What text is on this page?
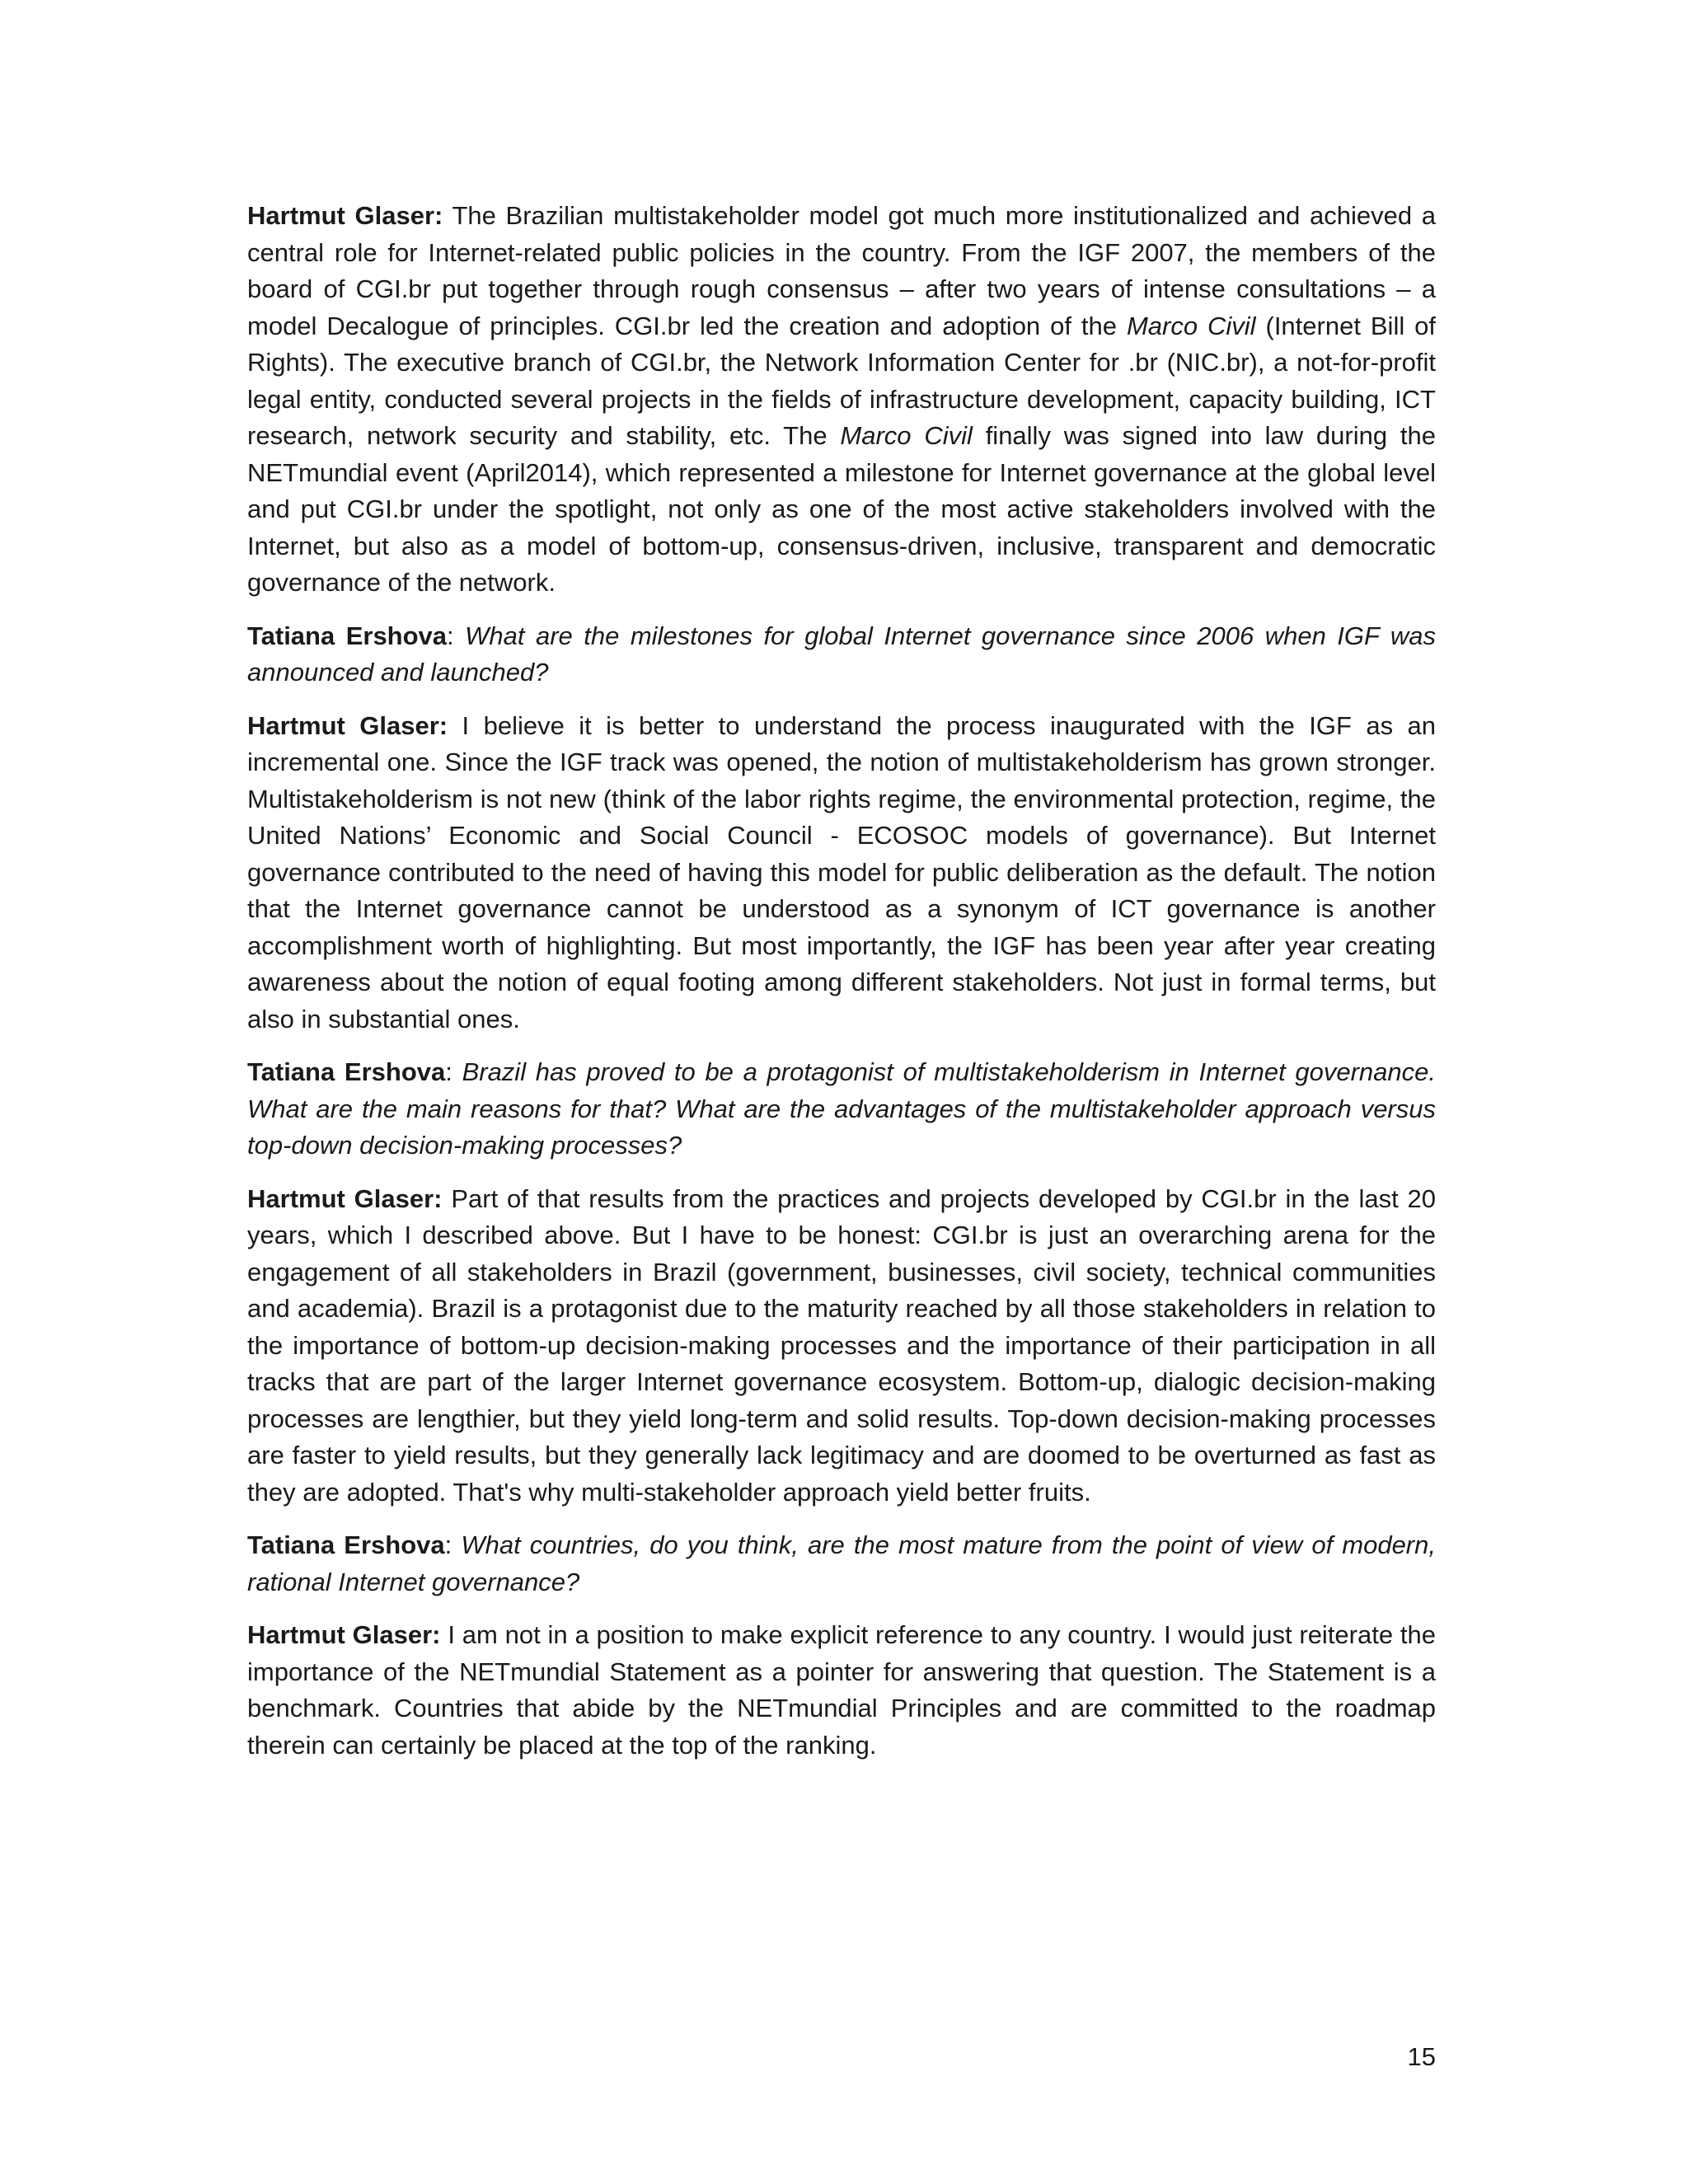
Hartmut Glaser: The Brazilian multistakeholder model got much more institutionalized and achieved a central role for Internet-related public policies in the country. From the IGF 2007, the members of the board of CGI.br put together through rough consensus – after two years of intense consultations – a model Decalogue of principles. CGI.br led the creation and adoption of the Marco Civil (Internet Bill of Rights). The executive branch of CGI.br, the Network Information Center for .br (NIC.br), a not-for-profit legal entity, conducted several projects in the fields of infrastructure development, capacity building, ICT research, network security and stability, etc. The Marco Civil finally was signed into law during the NETmundial event (April2014), which represented a milestone for Internet governance at the global level and put CGI.br under the spotlight, not only as one of the most active stakeholders involved with the Internet, but also as a model of bottom-up, consensus-driven, inclusive, transparent and democratic governance of the network.

Tatiana Ershova: What are the milestones for global Internet governance since 2006 when IGF was announced and launched?

Hartmut Glaser: I believe it is better to understand the process inaugurated with the IGF as an incremental one. Since the IGF track was opened, the notion of multistakeholderism has grown stronger. Multistakeholderism is not new (think of the labor rights regime, the environmental protection, regime, the United Nations’ Economic and Social Council - ECOSOC models of governance). But Internet governance contributed to the need of having this model for public deliberation as the default. The notion that the Internet governance cannot be understood as a synonym of ICT governance is another accomplishment worth of highlighting. But most importantly, the IGF has been year after year creating awareness about the notion of equal footing among different stakeholders. Not just in formal terms, but also in substantial ones.

Tatiana Ershova: Brazil has proved to be a protagonist of multistakeholderism in Internet governance. What are the main reasons for that? What are the advantages of the multistakeholder approach versus top-down decision-making processes?

Hartmut Glaser: Part of that results from the practices and projects developed by CGI.br in the last 20 years, which I described above. But I have to be honest: CGI.br is just an overarching arena for the engagement of all stakeholders in Brazil (government, businesses, civil society, technical communities and academia). Brazil is a protagonist due to the maturity reached by all those stakeholders in relation to the importance of bottom-up decision-making processes and the importance of their participation in all tracks that are part of the larger Internet governance ecosystem. Bottom-up, dialogic decision-making processes are lengthier, but they yield long-term and solid results. Top-down decision-making processes are faster to yield results, but they generally lack legitimacy and are doomed to be overturned as fast as they are adopted. That's why multi-stakeholder approach yield better fruits.

Tatiana Ershova: What countries, do you think, are the most mature from the point of view of modern, rational Internet governance?

Hartmut Glaser: I am not in a position to make explicit reference to any country. I would just reiterate the importance of the NETmundial Statement as a pointer for answering that question. The Statement is a benchmark. Countries that abide by the NETmundial Principles and are committed to the roadmap therein can certainly be placed at the top of the ranking.

15
